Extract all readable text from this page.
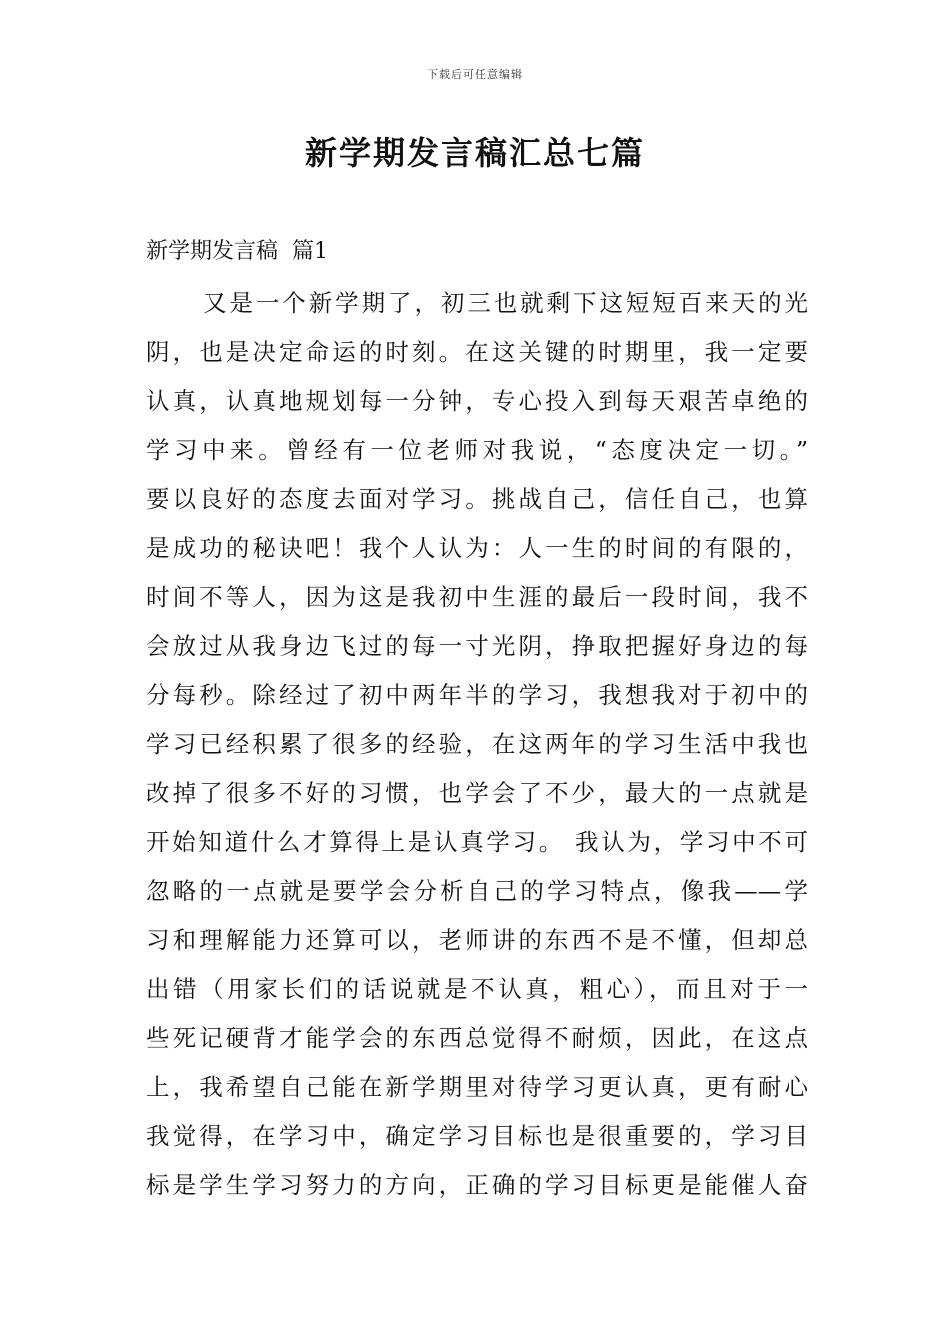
下载后可任意编辑
新学期发言稿汇总七篇
新学期发言稿  篇1
又是一个新学期了，初三也就剩下这短短百来天的光
阴，也是决定命运的时刻。在这关键的时期里，我一定要
认真，认真地规划每一分钟，专心投入到每天艰苦卓绝的
学习中来。曾经有一位老师对我说，“态度决定一切。”
要以良好的态度去面对学习。挑战自己，信任自己，也算
是成功的秘诀吧！我个人认为：人一生的时间的有限的，
时间不等人，因为这是我初中生涯的最后一段时间，我不
会放过从我身边飞过的每一寸光阴，挣取把握好身边的每
分每秒。除经过了初中两年半的学习，我想我对于初中的
学习已经积累了很多的经验，在这两年的学习生活中我也
改掉了很多不好的习惯，也学会了不少，最大的一点就是
开始知道什么才算得上是认真学习。 我认为，学习中不可
忽略的一点就是要学会分析自己的学习特点，像我——学
习和理解能力还算可以，老师讲的东西不是不懂，但却总
出错（用家长们的话说就是不认真，粗心），而且对于一
些死记硬背才能学会的东西总觉得不耐烦，因此，在这点
上，我希望自己能在新学期里对待学习更认真，更有耐心
我觉得，在学习中，确定学习目标也是很重要的，学习目
标是学生学习努力的方向，正确的学习目标更是能催人奋
